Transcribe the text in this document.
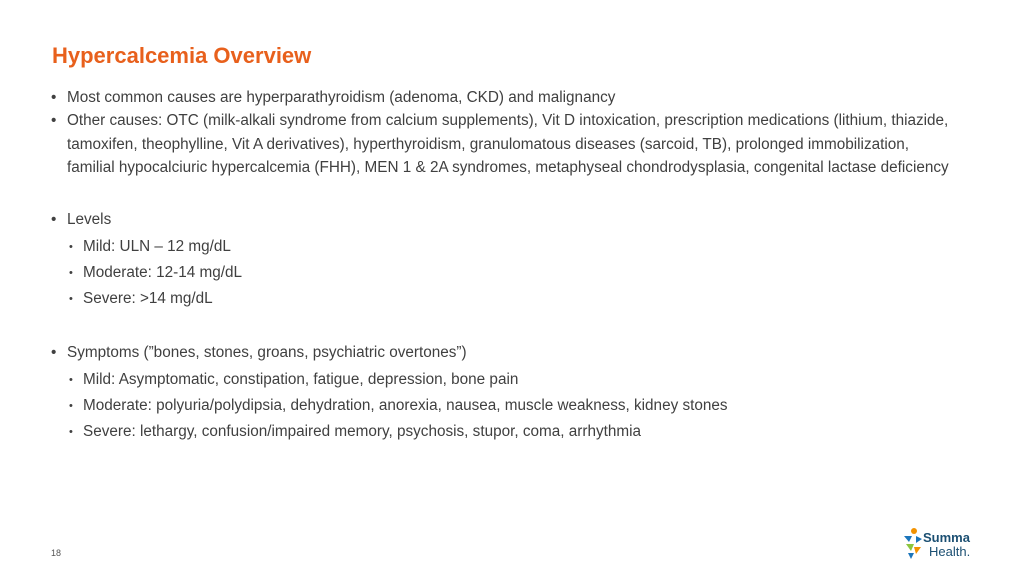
Hypercalcemia Overview
• Most common causes are hyperparathyroidism (adenoma, CKD) and malignancy
• Other causes: OTC (milk-alkali syndrome from calcium supplements), Vit D intoxication, prescription medications (lithium, thiazide, tamoxifen, theophylline, Vit A derivatives), hyperthyroidism, granulomatous diseases (sarcoid, TB), prolonged immobilization, familial hypocalciuric hypercalcemia (FHH), MEN 1 & 2A syndromes, metaphyseal chondrodysplasia, congenital lactase deficiency
• Levels
• Mild: ULN – 12 mg/dL
• Moderate: 12-14 mg/dL
• Severe: >14 mg/dL
• Symptoms (”bones, stones, groans, psychiatric overtones”)
• Mild: Asymptomatic, constipation, fatigue, depression, bone pain
• Moderate: polyuria/polydipsia, dehydration, anorexia, nausea, muscle weakness, kidney stones
• Severe: lethargy, confusion/impaired memory, psychosis, stupor, coma, arrhythmia
18
Summa
Health.
